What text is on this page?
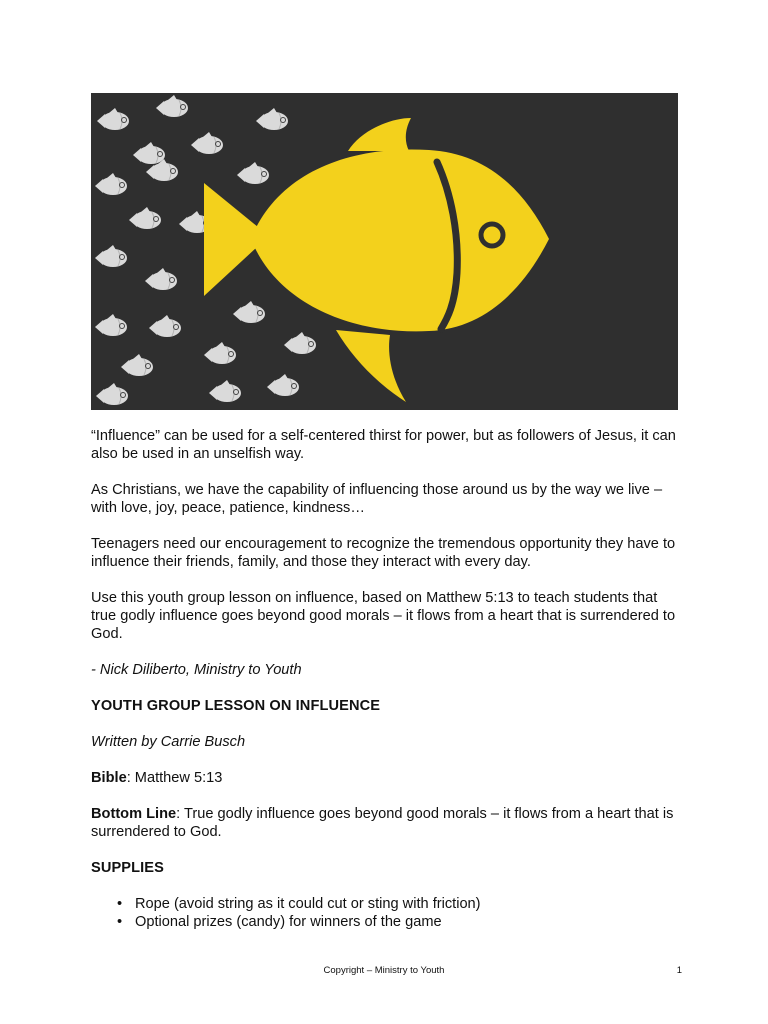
“Influence” can be used for a self-centered thirst for power, but as followers of Jesus, it can also be used in an unselfish way.

As Christians, we have the capability of influencing those around us by the way we live – with love, joy, peace, patience, kindness…

Teenagers need our encouragement to recognize the tremendous opportunity they have to influence their friends, family, and those they interact with every day.

Use this youth group lesson on influence, based on Matthew 5:13 to teach students that true godly influence goes beyond good morals – it flows from a heart that is surrendered to God.

- Nick Diliberto, Ministry to Youth

YOUTH GROUP LESSON ON INFLUENCE

Written by Carrie Busch

Bible: Matthew 5:13

Bottom Line: True godly influence goes beyond good morals – it flows from a heart that is surrendered to God.

SUPPLIES

• Rope (avoid string as it could cut or sting with friction)
• Optional prizes (candy) for winners of the game
Copyright – Ministry to Youth	1
